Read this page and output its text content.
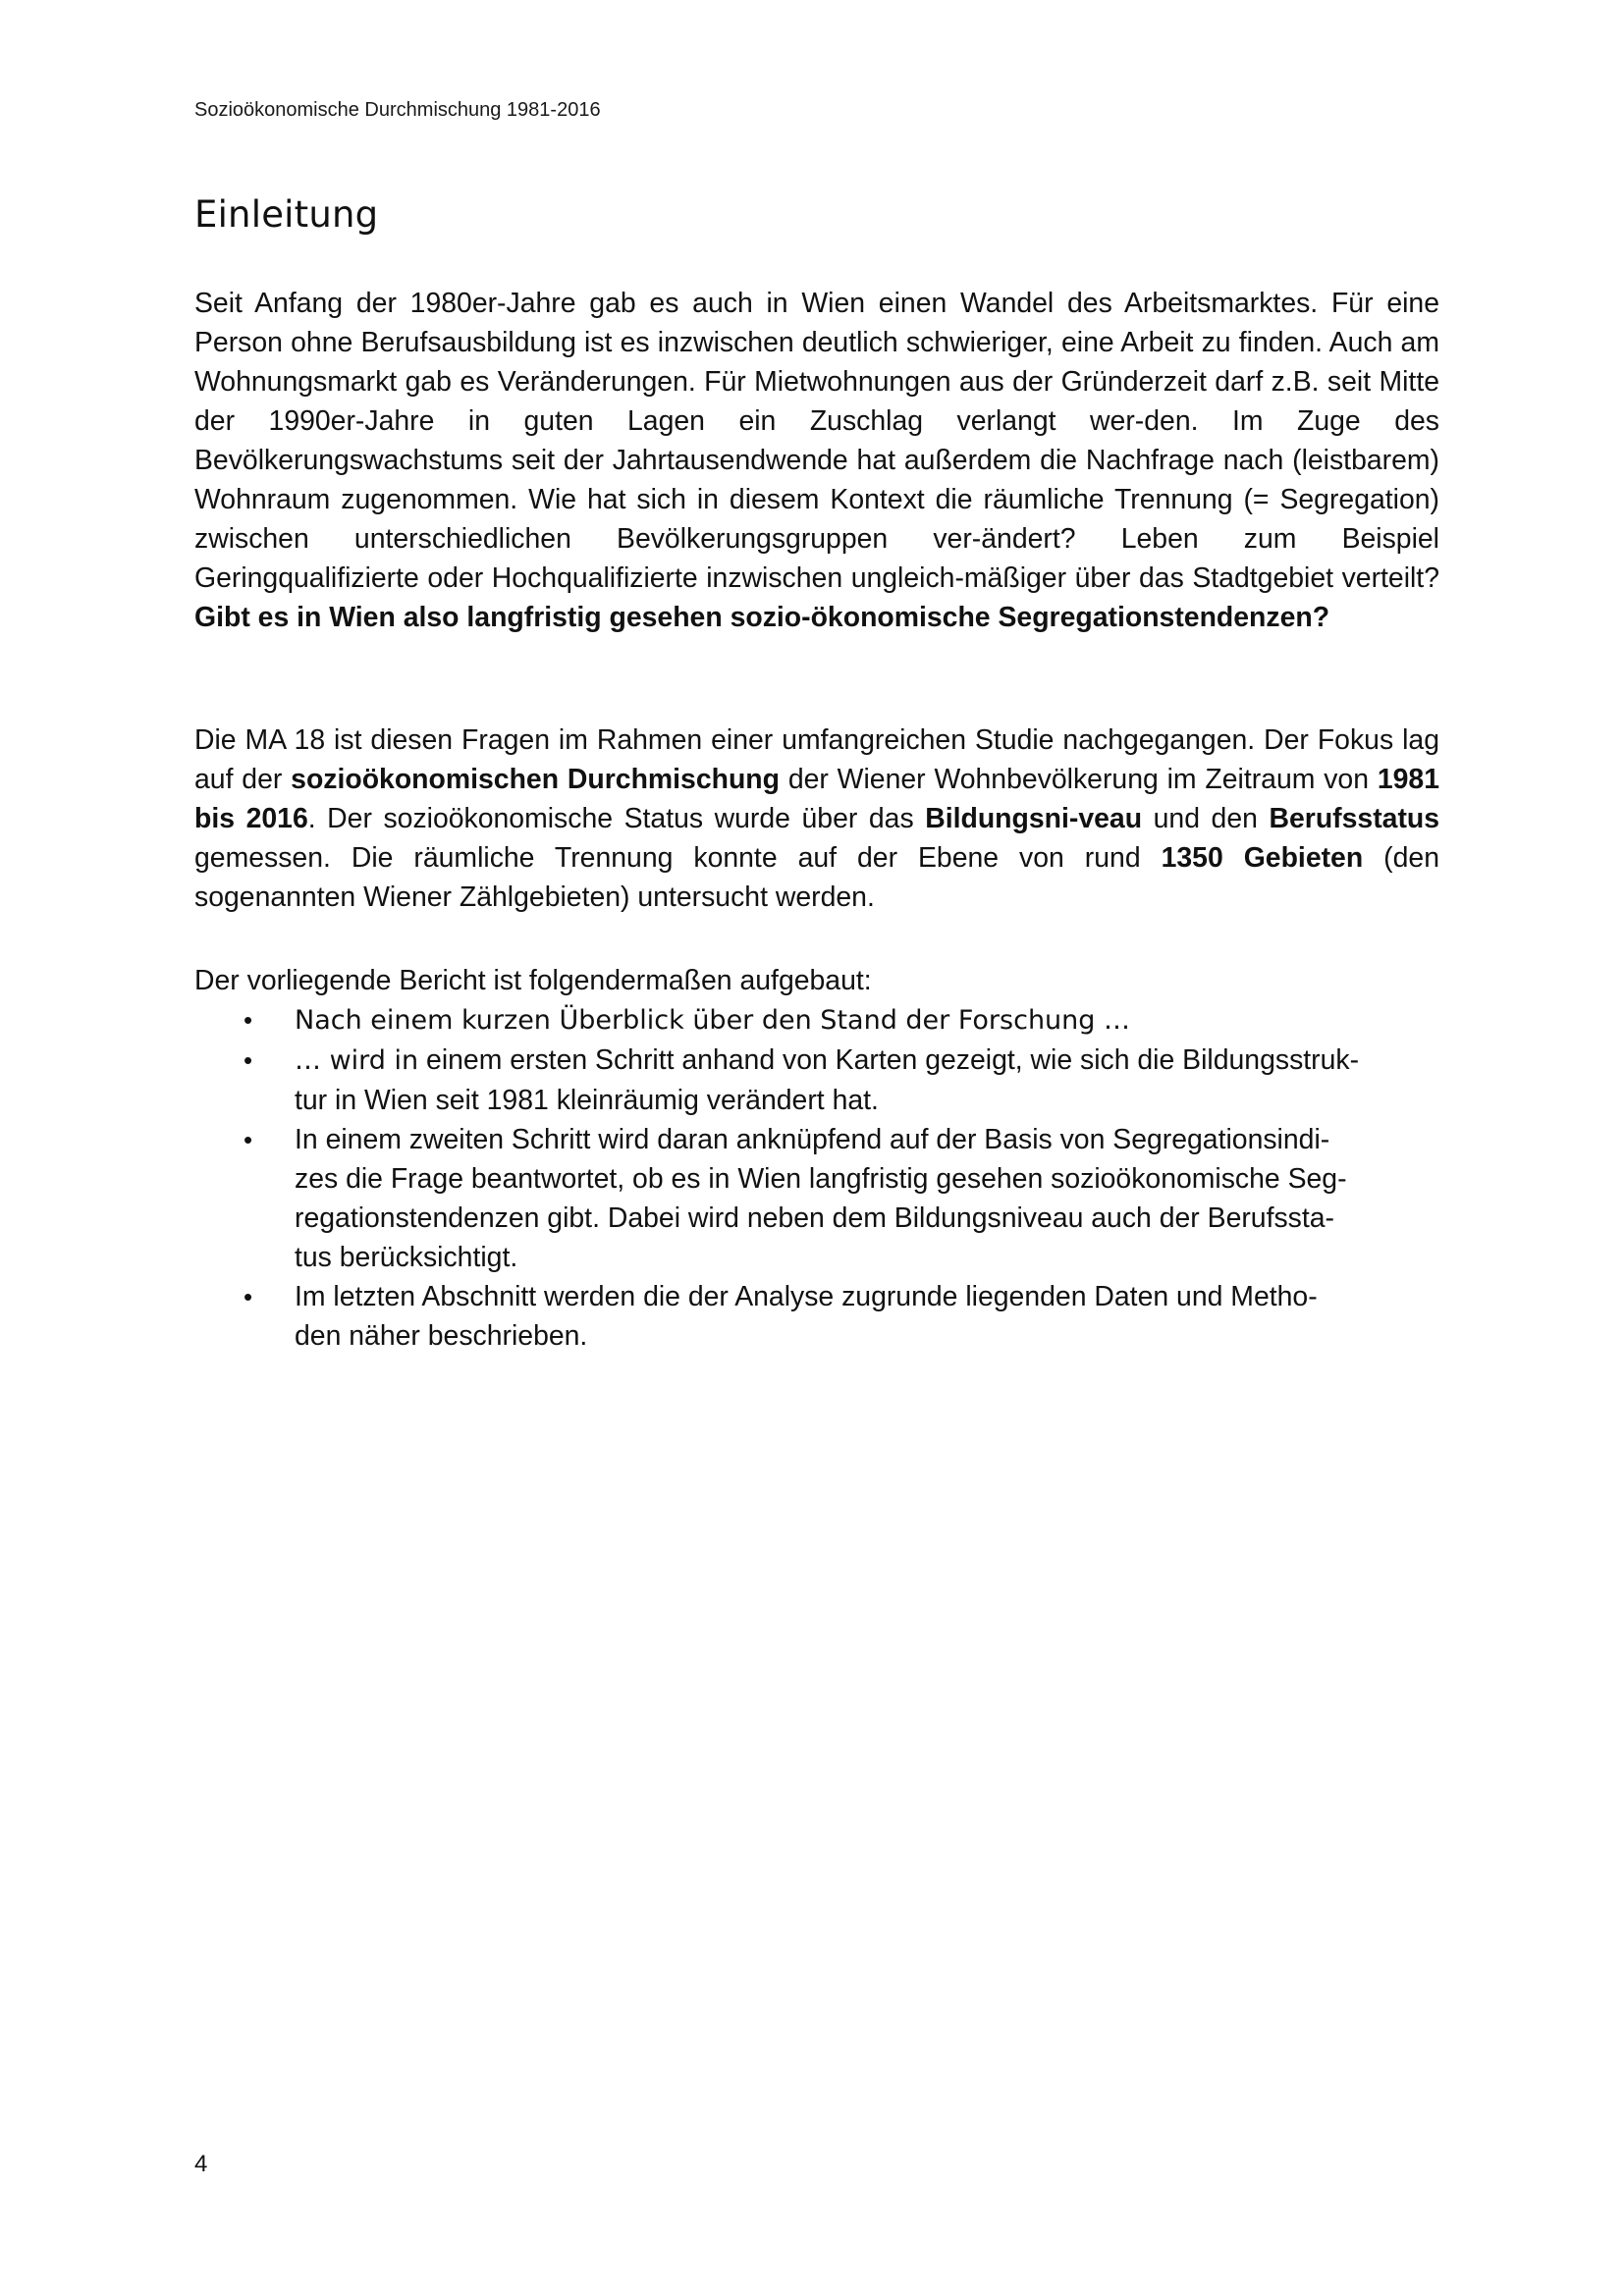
Sozioökonomische Durchmischung 1981-2016
Einleitung

Seit Anfang der 1980er-Jahre gab es auch in Wien einen Wandel des Arbeitsmarktes. Für eine Person ohne Berufsausbildung ist es inzwischen deutlich schwieriger, eine Arbeit zu finden. Auch am Wohnungsmarkt gab es Veränderungen. Für Mietwohnungen aus der Gründerzeit darf z.B. seit Mitte der 1990er-Jahre in guten Lagen ein Zuschlag verlangt wer-den. Im Zuge des Bevölkerungswachstums seit der Jahrtausendwende hat außerdem die Nachfrage nach (leistbarem) Wohnraum zugenommen. Wie hat sich in diesem Kontext die räumliche Trennung (= Segregation) zwischen unterschiedlichen Bevölkerungsgruppen ver-ändert? Leben zum Beispiel Geringqualifizierte oder Hochqualifizierte inzwischen ungleich-mäßiger über das Stadtgebiet verteilt? Gibt es in Wien also langfristig gesehen sozio-ökonomische Segregationstendenzen?

Die MA 18 ist diesen Fragen im Rahmen einer umfangreichen Studie nachgegangen. Der Fokus lag auf der sozioökonomischen Durchmischung der Wiener Wohnbevölkerung im Zeitraum von 1981 bis 2016. Der sozioökonomische Status wurde über das Bildungsni-veau und den Berufsstatus gemessen. Die räumliche Trennung konnte auf der Ebene von rund 1350 Gebieten (den sogenannten Wiener Zählgebieten) untersucht werden.

Der vorliegende Bericht ist folgendermaßen aufgebaut:

• Nach einem kurzen Überblick über den Stand der Forschung …
• … wird in einem ersten Schritt anhand von Karten gezeigt, wie sich die Bildungsstruk-
tur in Wien seit 1981 kleinräumig verändert hat.
• In einem zweiten Schritt wird daran anknüpfend auf der Basis von Segregationsindi-
zes die Frage beantwortet, ob es in Wien langfristig gesehen sozioökonomische Seg-
regationstendenzen gibt. Dabei wird neben dem Bildungsniveau auch der Berufssta-
tus berücksichtigt.
• Im letzten Abschnitt werden die der Analyse zugrunde liegenden Daten und Metho-
den näher beschrieben.
4
